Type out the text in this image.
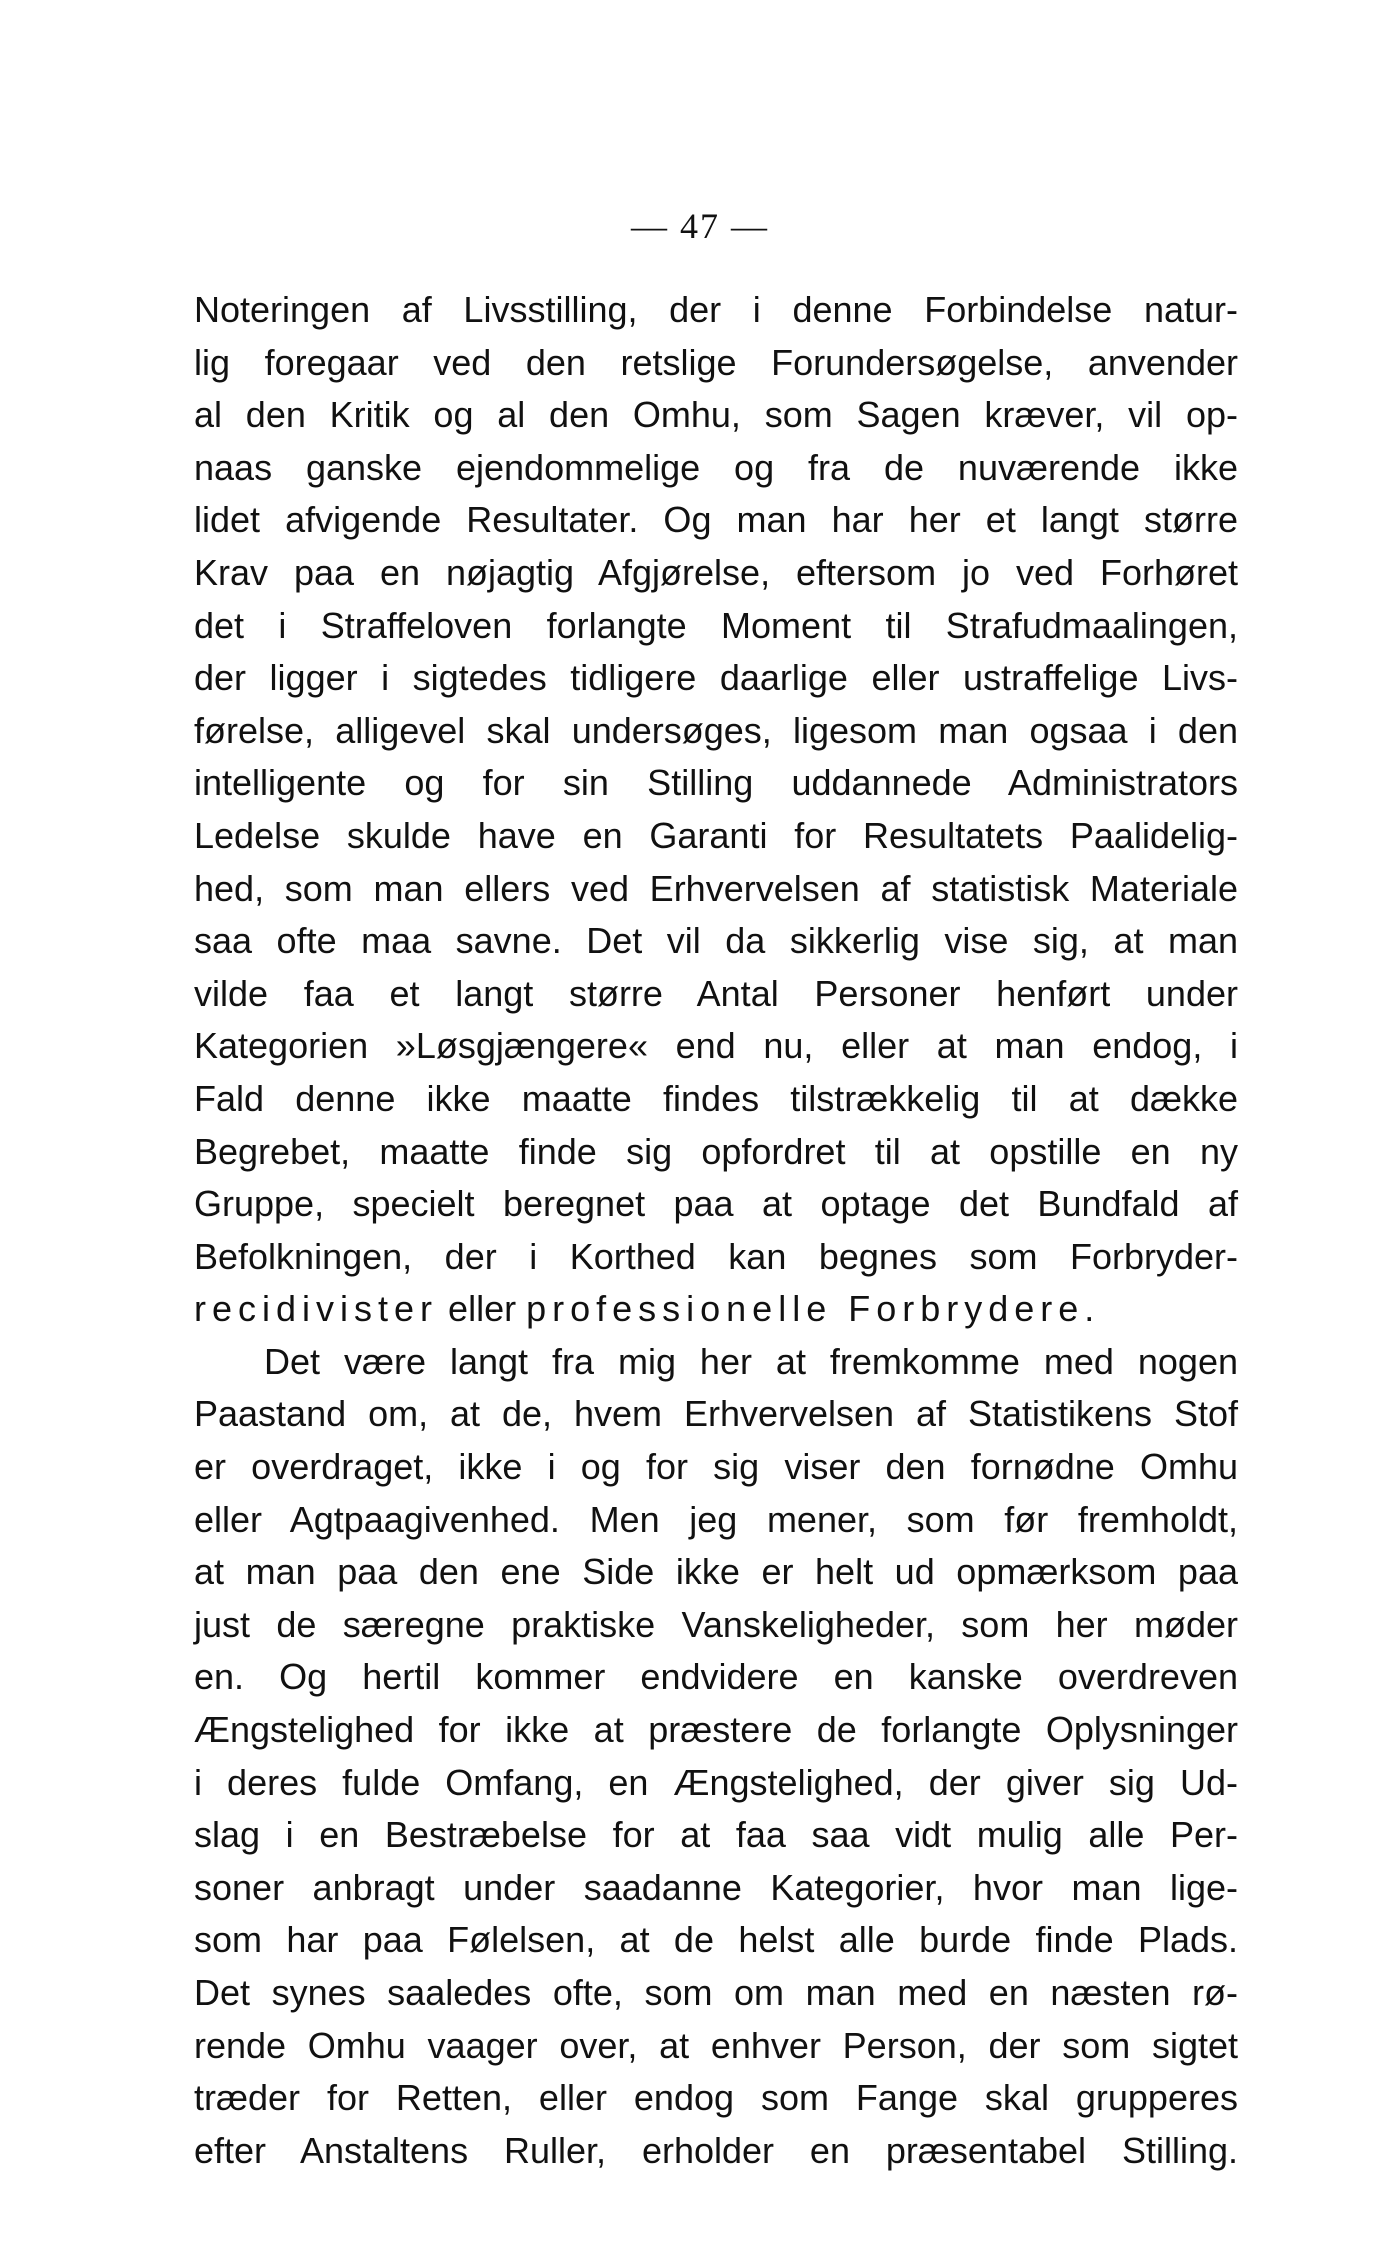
— 47 —
Noteringen af Livsstilling, der i denne Forbindelse natur-
lig foregaar ved den retslige Forundersøgelse, anvender
al den Kritik og al den Omhu, som Sagen kræver, vil op-
naas ganske ejendommelige og fra de nuværende ikke
lidet afvigende Resultater. Og man har her et langt større
Krav paa en nøjagtig Afgjørelse, eftersom jo ved Forhøret
det i Straffeloven forlangte Moment til Strafudmaalingen,
der ligger i sigtedes tidligere daarlige eller ustraffelige Livs-
førelse, alligevel skal undersøges, ligesom man ogsaa i den
intelligente og for sin Stilling uddannede Administrators
Ledelse skulde have en Garanti for Resultatets Paalidelig-
hed, som man ellers ved Erhvervelsen af statistisk Materiale
saa ofte maa savne. Det vil da sikkerlig vise sig, at man
vilde faa et langt større Antal Personer henført under
Kategorien »Løsgjængere« end nu, eller at man endog, i
Fald denne ikke maatte findes tilstrækkelig til at dække
Begrebet, maatte finde sig opfordret til at opstille en ny
Gruppe, specielt beregnet paa at optage det Bundfald af
Befolkningen, der i Korthed kan begnes som Forbryder-
recidivister eller professionelle Forbrydere.
Det være langt fra mig her at fremkomme med nogen
Paastand om, at de, hvem Erhvervelsen af Statistikens Stof
er overdraget, ikke i og for sig viser den fornødne Omhu
eller Agtpaagivenhed. Men jeg mener, som før fremholdt,
at man paa den ene Side ikke er helt ud opmærksom paa
just de særegne praktiske Vanskeligheder, som her møder
en. Og hertil kommer endvidere en kanske overdreven
Ængstelighed for ikke at præstere de forlangte Oplysninger
i deres fulde Omfang, en Ængstelighed, der giver sig Ud-
slag i en Bestræbelse for at faa saa vidt mulig alle Per-
soner anbragt under saadanne Kategorier, hvor man lige-
som har paa Følelsen, at de helst alle burde finde Plads.
Det synes saaledes ofte, som om man med en næsten rø-
rende Omhu vaager over, at enhver Person, der som sigtet
træder for Retten, eller endog som Fange skal grupperes
efter Anstaltens Ruller, erholder en præsentabel Stilling.
